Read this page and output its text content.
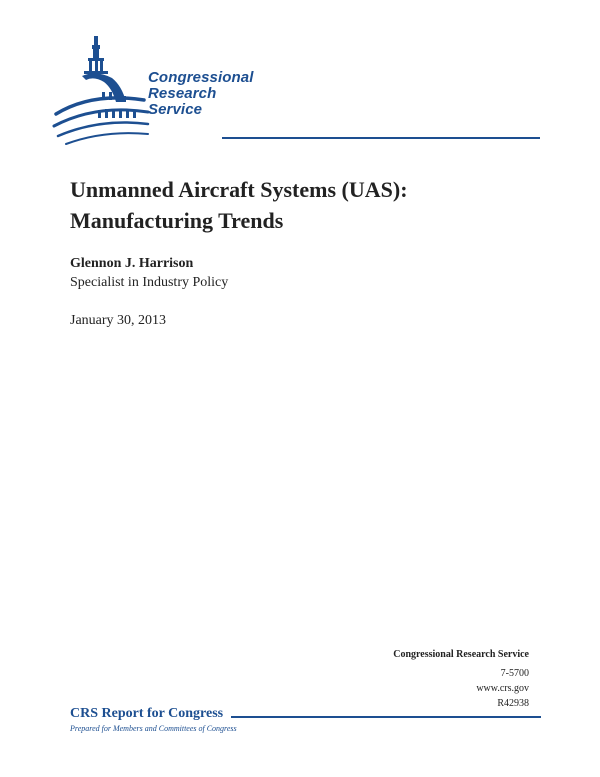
Congressional
Research
Service
Unmanned Aircraft Systems (UAS):
Manufacturing Trends
Glennon J. Harrison
Specialist in Industry Policy
January 30, 2013
Congressional Research Service
7-5700
www.crs.gov
R42938
CRS Report for Congress
Prepared for Members and Committees of Congress
